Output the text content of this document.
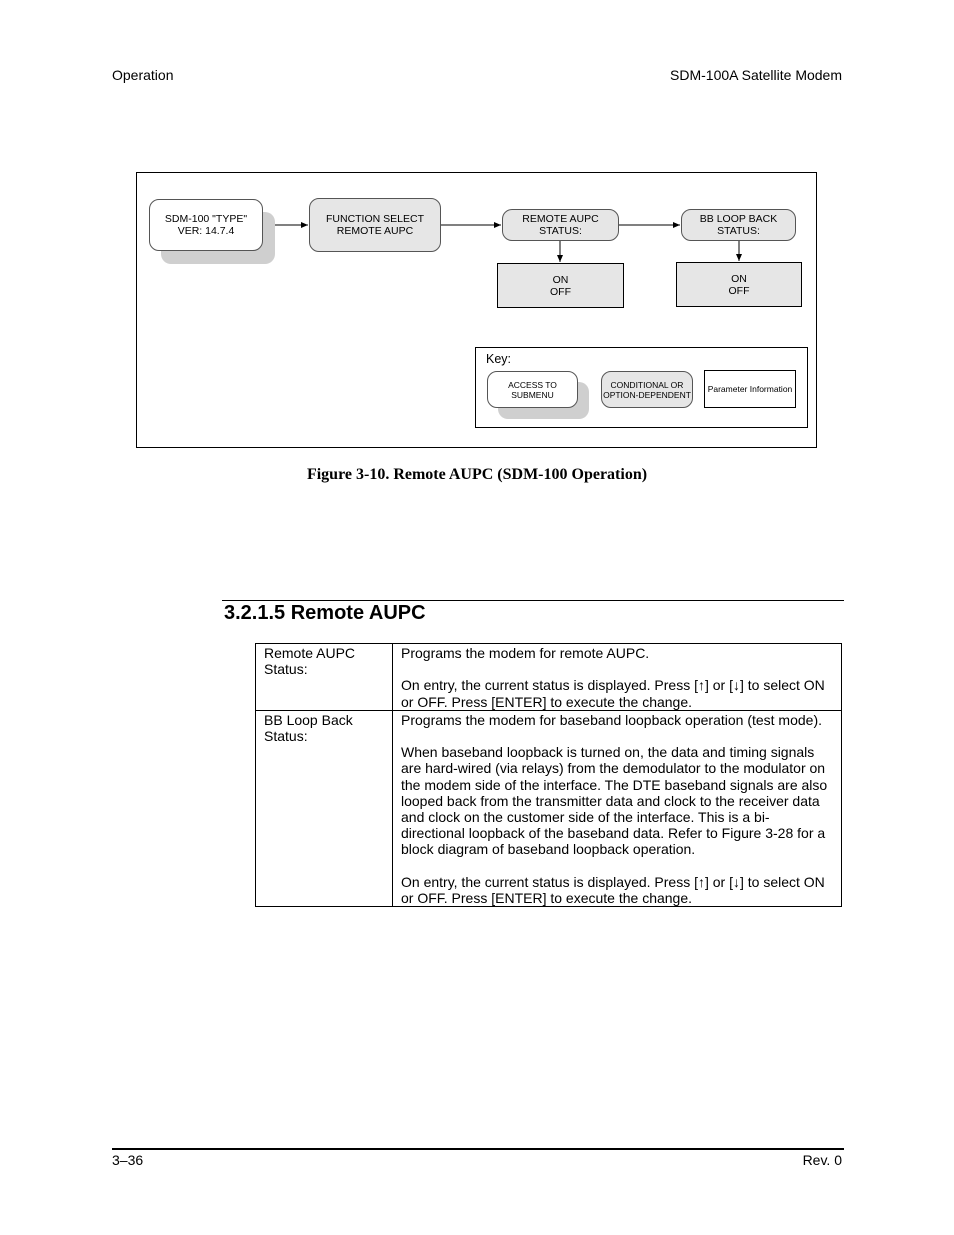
Operation	SDM-100A Satellite Modem
SDM-100 "TYPE"
VER: 14.7.4
FUNCTION SELECT
REMOTE AUPC
REMOTE AUPC
STATUS:
BB LOOP BACK
STATUS:
ON
OFF
ON
OFF
Key:
ACCESS TO
SUBMENU
CONDITIONAL OR
OPTION-DEPENDENT
Parameter Information
Figure 3-10. Remote AUPC (SDM-100 Operation)
3.2.1.5 Remote AUPC
Remote AUPC Status:	Programs the modem for remote AUPC.

On entry, the current status is displayed. Press [↑] or [↓] to select ON or OFF. Press [ENTER] to execute the change.

BB Loop Back Status:	Programs the modem for baseband loopback operation (test mode).

When baseband loopback is turned on, the data and timing signals are hard-wired (via relays) from the demodulator to the modulator on the modem side of the interface. The DTE baseband signals are also looped back from the transmitter data and clock to the receiver data and clock on the customer side of the interface. This is a bi-directional loopback of the baseband data. Refer to Figure 3-28 for a block diagram of baseband loopback operation.

On entry, the current status is displayed. Press [↑] or [↓] to select ON or OFF. Press [ENTER] to execute the change.

3–36	Rev. 0
